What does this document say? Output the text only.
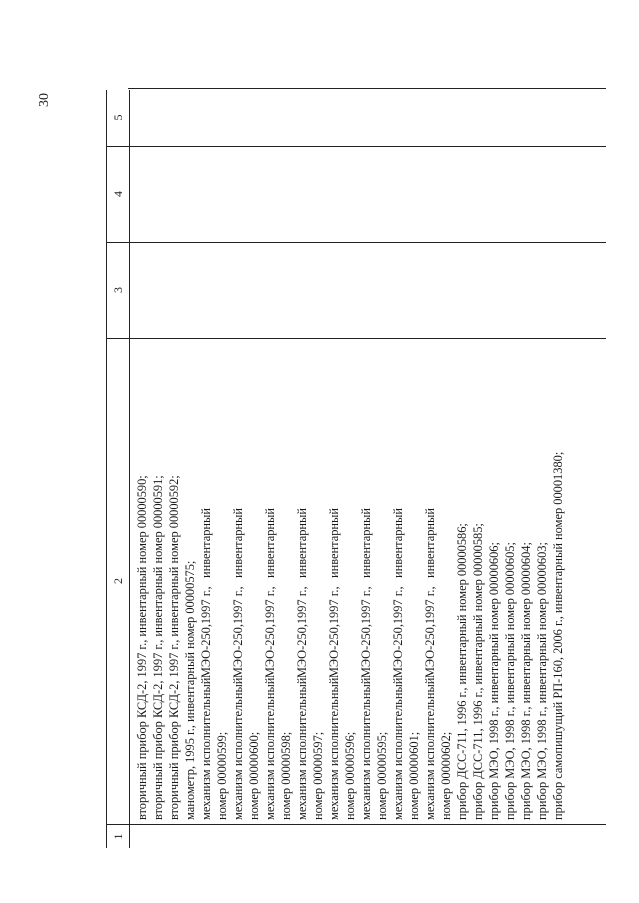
30
1
2
3
4
5
вторичный прибор КСД-2, 1997 г., инвентарный номер 00000590; вторичный прибор КСД-2, 1997 г., инвентарный номер 00000591; вторичный прибор КСД-2, 1997 г., инвентарный номер 00000592; манометр, 1995 г., инвентарный номер 00000575; механизм
исполнительный
МЭО-250,
1997 г.,
инвентарный
номер 00000599; механизм
исполнительный
МЭО-250,
1997 г.,
инвентарный
номер 00000600; механизм
исполнительный
МЭО-250,
1997 г.,
инвентарный
номер 00000598; механизм
исполнительный
МЭО-250,
1997 г.,
инвентарный
номер 00000597; механизм
исполнительный
МЭО-250,
1997 г.,
инвентарный
номер 00000596; механизм
исполнительный
МЭО-250,
1997 г.,
инвентарный
номер 00000595; механизм
исполнительный
МЭО-250,
1997 г.,
инвентарный
номер 00000601; механизм
исполнительный
МЭО-250,
1997 г.,
инвентарный
номер 00000602; прибор ДСС-711, 1996 г., инвентарный номер 00000586; прибор ДСС-711, 1996 г., инвентарный номер 00000585; прибор МЭО, 1998 г., инвентарный номер 00000606; прибор МЭО, 1998 г., инвентарный номер 00000605; прибор МЭО, 1998 г., инвентарный номер 00000604; прибор МЭО, 1998 г., инвентарный номер 00000603; прибор самопишущий РП-160, 2006 г., инвентарный номер 00001380;
